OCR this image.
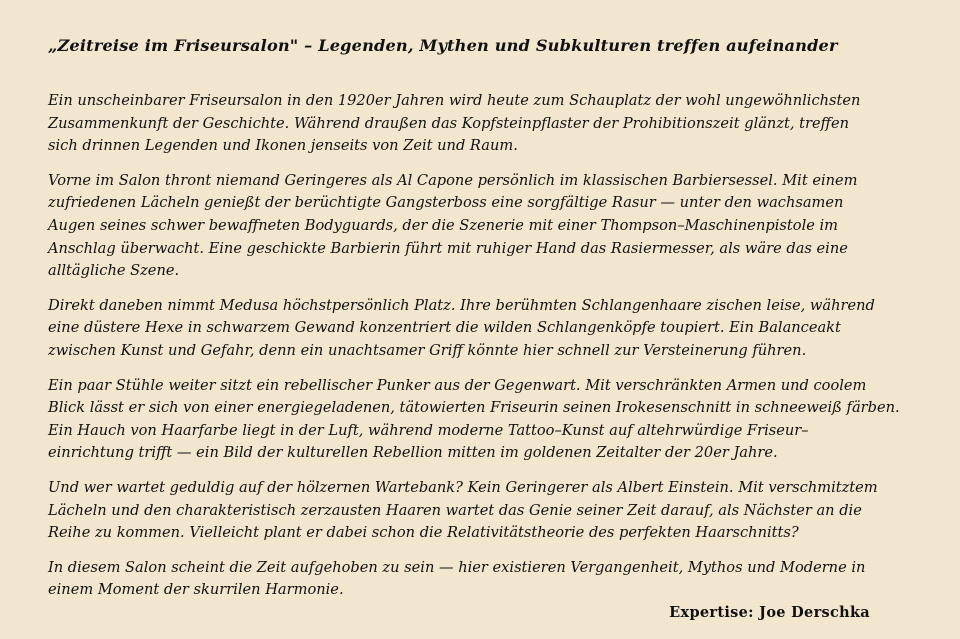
„Zeitreise im Friseursalon" – Legenden, Mythen und Subkulturen treffen aufeinander

Ein unscheinbarer Friseursalon in den 1920er Jahren wird heute zum Schauplatz der wohl ungewöhnlichsten
Zusammenkunft der Geschichte. Während draußen das Kopfsteinpflaster der Prohibitionszeit glänzt, treffen
sich drinnen Legenden und Ikonen jenseits von Zeit und Raum.

Vorne im Salon thront niemand Geringeres als Al Capone persönlich im klassischen Barbiersessel. Mit einem
zufriedenen Lächeln genießt der berüchtigte Gangsterboss eine sorgfältige Rasur — unter den wachsamen
Augen seines schwer bewaffneten Bodyguards, der die Szenerie mit einer Thompson–Maschinenpistole im
Anschlag überwacht. Eine geschickte Barbierin führt mit ruhiger Hand das Rasiermesser, als wäre das eine
alltägliche Szene.

Direkt daneben nimmt Medusa höchstpersönlich Platz. Ihre berühmten Schlangenhaare zischen leise, während
eine düstere Hexe in schwarzem Gewand konzentriert die wilden Schlangenköpfe toupiert. Ein Balanceakt
zwischen Kunst und Gefahr, denn ein unachtsamer Griff könnte hier schnell zur Versteinerung führen.

Ein paar Stühle weiter sitzt ein rebellischer Punker aus der Gegenwart. Mit verschränkten Armen und coolem
Blick lässt er sich von einer energiegeladenen, tätowierten Friseurin seinen Irokesenschnitt in schneeweiß färben.
Ein Hauch von Haarfarbe liegt in der Luft, während moderne Tattoo–Kunst auf altehrwürdige Friseur–
einrichtung trifft — ein Bild der kulturellen Rebellion mitten im goldenen Zeitalter der 20er Jahre.

Und wer wartet geduldig auf der hölzernen Wartebank? Kein Geringerer als Albert Einstein. Mit verschmitztem
Lächeln und den charakteristisch zerzausten Haaren wartet das Genie seiner Zeit darauf, als Nächster an die
Reihe zu kommen. Vielleicht plant er dabei schon die Relativitätstheorie des perfekten Haarschnitts?

In diesem Salon scheint die Zeit aufgehoben zu sein — hier existieren Vergangenheit, Mythos und Moderne in
einem Moment der skurrilen Harmonie.

Expertise: Joe Derschka
